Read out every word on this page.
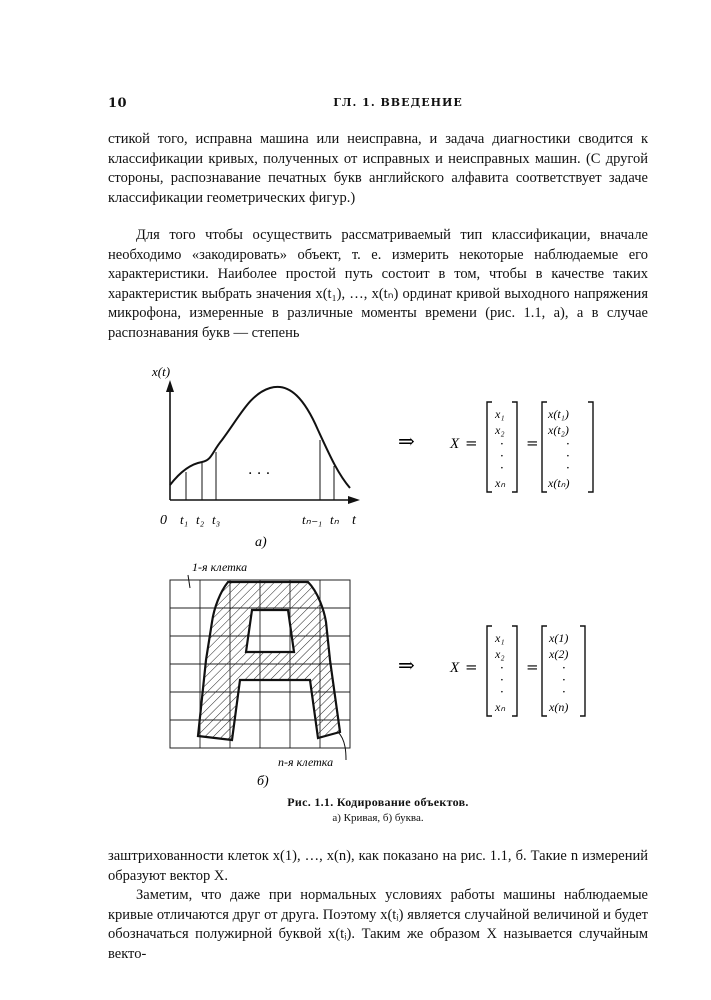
10	ГЛ. 1. ВВЕДЕНИЕ

стикой того, исправна машина или неисправна, и задача диагностики сводится к классификации кривых, полученных от исправных и неисправных машин. (С другой стороны, распознавание печатных букв английского алфавита соответствует задаче классификации геометрических фигур.)

Для того чтобы осуществить рассматриваемый тип классификации, вначале необходимо «закодировать» объект, т. е. измерить некоторые наблюдаемые его характеристики. Наиболее простой путь состоит в том, чтобы в качестве таких характеристик выбрать значения x(t₁), …, x(tₙ) ординат кривой выходного напряжения микрофона, измеренные в различные моменты времени (рис. 1.1, a), а в случае распознавания букв — степень

x(t)
t
0 t₁ t₂ t₃	tₙ₋₁ tₙ
· · ·
а)
⇒ X =
x₁
x₂
·
·
·
xₙ
=
x(t₁)
x(t₂)
·
·
·
x(tₙ)
1-я клетка
n-я клетка
б)
⇒ X =
x₁
x₂
·
·
·
xₙ
=
x(1)
x(2)
·
·
·
x(n)
Рис. 1.1. Кодирование объектов.
а) Кривая, б) буква.

заштрихованности клеток x(1), …, x(n), как показано на рис. 1.1, б. Такие n измерений образуют вектор X.

Заметим, что даже при нормальных условиях работы машины наблюдаемые кривые отличаются друг от друга. Поэтому x(tᵢ) является случайной величиной и будет обозначаться полужирной буквой x(tᵢ). Таким же образом X называется случайным векто-
